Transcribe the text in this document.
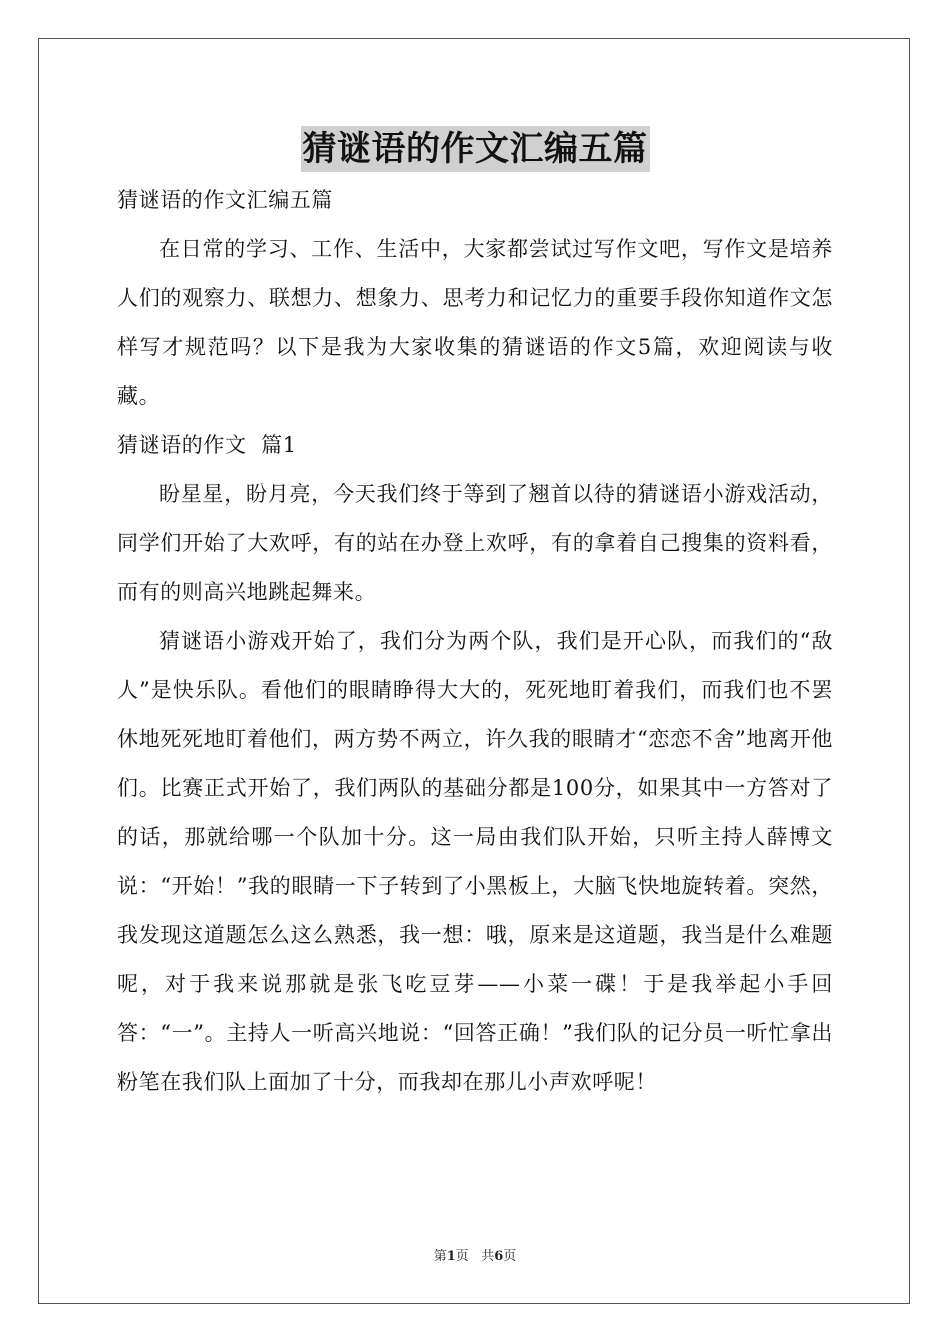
猜谜语的作文汇编五篇

猜谜语的作文汇编五篇

在日常的学习、工作、生活中，大家都尝试过写作文吧，写作文是培养人们的观察力、联想力、想象力、思考力和记忆力的重要手段你知道作文怎样写才规范吗？以下是我为大家收集的猜谜语的作文5篇，欢迎阅读与收藏。

猜谜语的作文  篇1

盼星星，盼月亮，今天我们终于等到了翘首以待的猜谜语小游戏活动，同学们开始了大欢呼，有的站在办登上欢呼，有的拿着自己搜集的资料看，而有的则高兴地跳起舞来。

猜谜语小游戏开始了，我们分为两个队，我们是开心队，而我们的“敌人”是快乐队。看他们的眼睛睁得大大的，死死地盯着我们，而我们也不罢休地死死地盯着他们，两方势不两立，许久我的眼睛才“恋恋不舍”地离开他们。比赛正式开始了，我们两队的基础分都是100分，如果其中一方答对了的话，那就给哪一个队加十分。这一局由我们队开始，只听主持人薛博文说：“开始！”我的眼睛一下子转到了小黑板上，大脑飞快地旋转着。突然，我发现这道题怎么这么熟悉，我一想：哦，原来是这道题，我当是什么难题呢，对于我来说那就是张飞吃豆芽——小菜一碟！于是我举起小手回答：“一”。主持人一听高兴地说：“回答正确！”我们队的记分员一听忙拿出粉笔在我们队上面加了十分，而我却在那儿小声欢呼呢！

第1页 共6页
